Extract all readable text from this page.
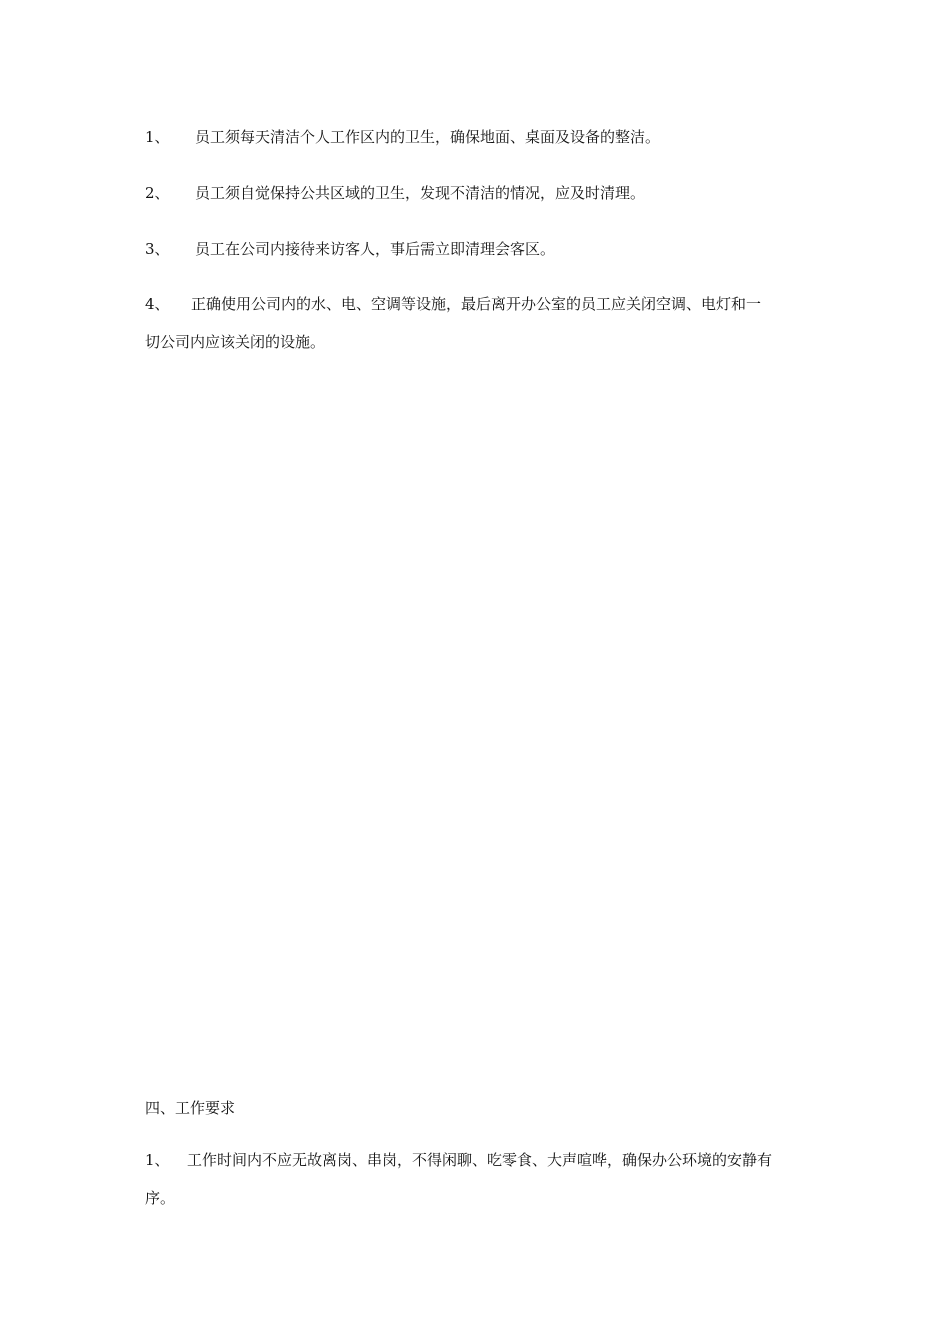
1、 员工须每天清洁个人工作区内的卫生，确保地面、桌面及设备的整洁。
2、 员工须自觉保持公共区域的卫生，发现不清洁的情况，应及时清理。
3、 员工在公司内接待来访客人，事后需立即清理会客区。
4、 正确使用公司内的水、电、空调等设施，最后离开办公室的员工应关闭空调、电灯和一
切公司内应该关闭的设施。
四、工作要求
1、 工作时间内不应无故离岗、串岗，不得闲聊、吃零食、大声喧哗，确保办公环境的安静有
序。
